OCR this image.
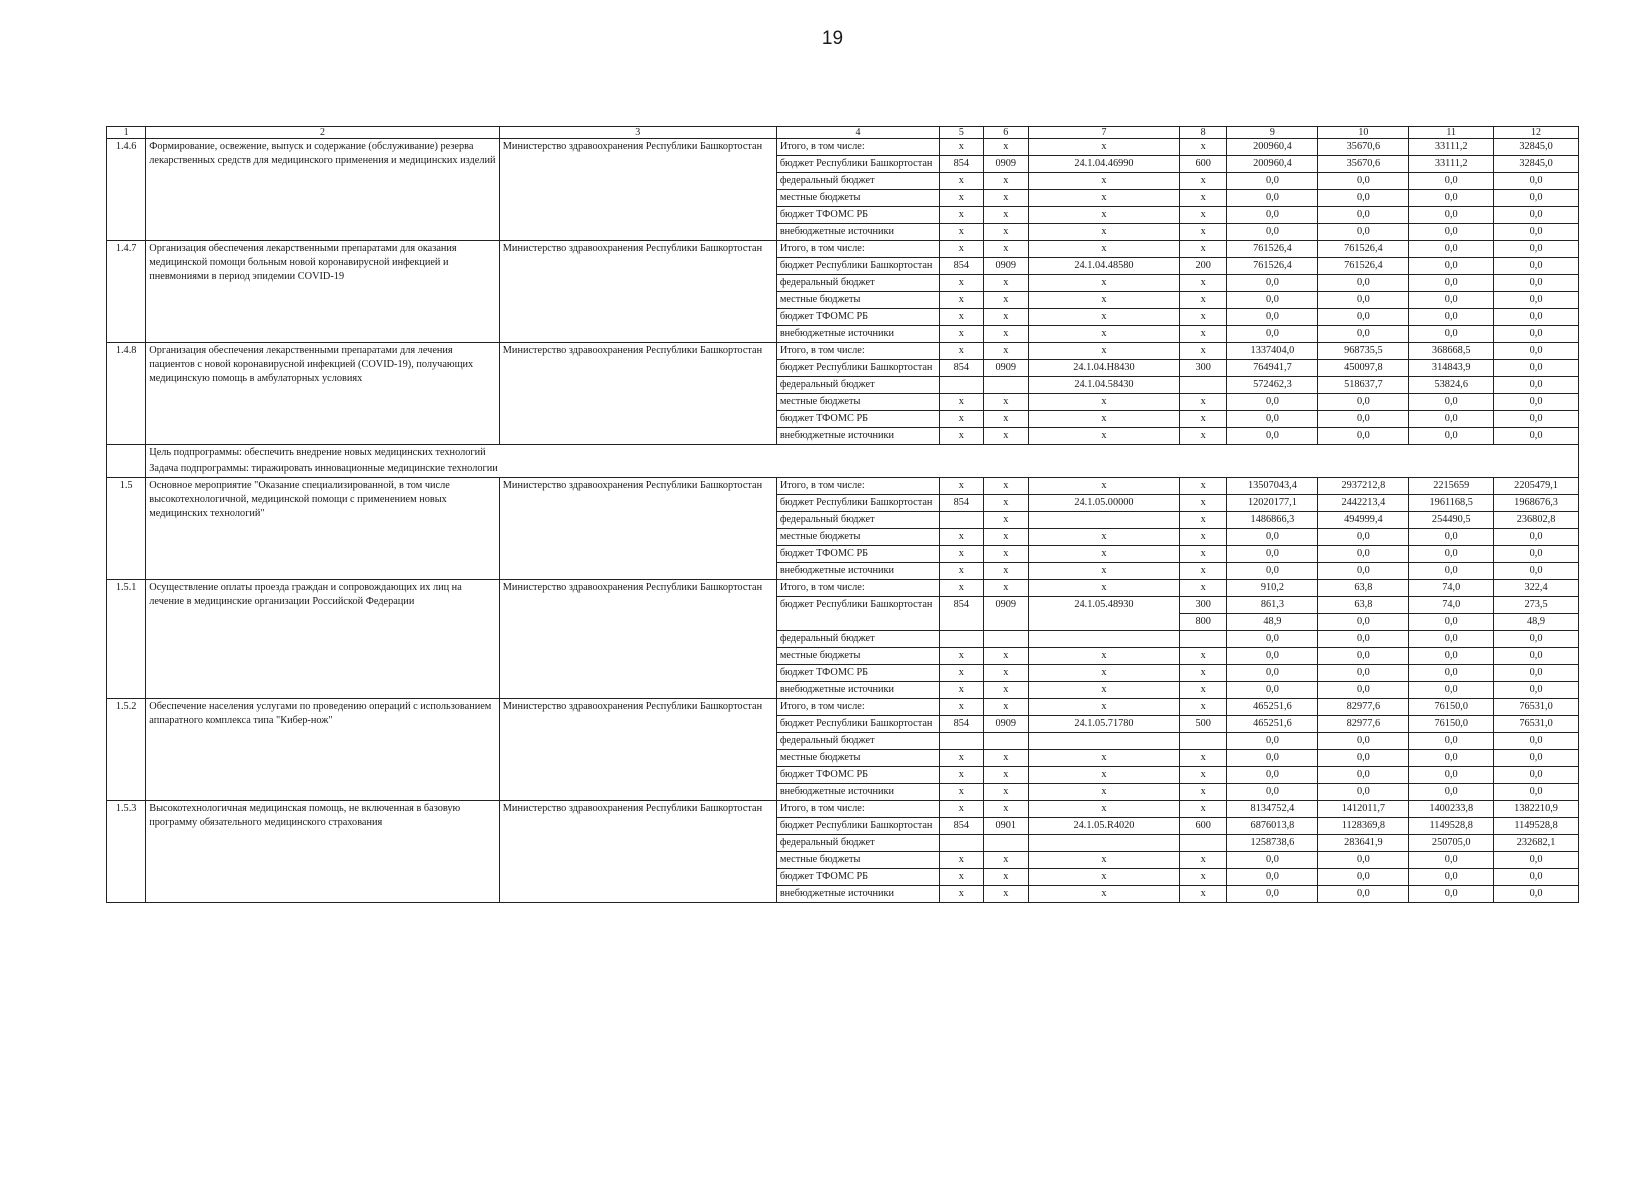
19
1	2	3	4	5	6	7	8	9	10	11	12
1.4.6	Формирование, освежение, выпуск и содержание (обслуживание) резерва лекарственных средств для медицинского применения и медицинских изделий	Министерство здравоохранения Республики Башкортостан	Итого, в том числе:	x	x	x	x	200960,4	35670,6	33111,2	32845,0
			бюджет Республики Башкортостан	854	0909	24.1.04.46990	600	200960,4	35670,6	33111,2	32845,0
			федеральный бюджет	x	x	x	x	0,0	0,0	0,0	0,0
			местные бюджеты	x	x	x	x	0,0	0,0	0,0	0,0
			бюджет ТФОМС РБ	x	x	x	x	0,0	0,0	0,0	0,0
			внебюджетные источники	x	x	x	x	0,0	0,0	0,0	0,0
1.4.7	Организация обеспечения лекарственными препаратами для оказания медицинской помощи больным новой коронавирусной инфекцией и пневмониями в период эпидемии COVID-19	Министерство здравоохранения Республики Башкортостан	Итого, в том числе:	x	x	x	x	761526,4	761526,4	0,0	0,0
			бюджет Республики Башкортостан	854	0909	24.1.04.48580	200	761526,4	761526,4	0,0	0,0
			федеральный бюджет	x	x	x	x	0,0	0,0	0,0	0,0
			местные бюджеты	x	x	x	x	0,0	0,0	0,0	0,0
			бюджет ТФОМС РБ	x	x	x	x	0,0	0,0	0,0	0,0
			внебюджетные источники	x	x	x	x	0,0	0,0	0,0	0,0
1.4.8	Организация обеспечения лекарственными препаратами для лечения пациентов с новой коронавирусной инфекцией (COVID-19), получающих медицинскую помощь в амбулаторных условиях	Министерство здравоохранения Республики Башкортостан	Итого, в том числе:	x	x	x	x	1337404,0	968735,5	368668,5	0,0
			бюджет Республики Башкортостан	854	0909	24.1.04.Н8430	300	764941,7	450097,8	314843,9	0,0
			федеральный бюджет			24.1.04.58430		572462,3	518637,7	53824,6	0,0
			местные бюджеты	x	x	x	x	0,0	0,0	0,0	0,0
			бюджет ТФОМС РБ	x	x	x	x	0,0	0,0	0,0	0,0
			внебюджетные источники	x	x	x	x	0,0	0,0	0,0	0,0
	Цель подпрограммы: обеспечить внедрение новых медицинских технологий										
	Задача подпрограммы: тиражировать инновационные медицинские технологии										
1.5	Основное мероприятие "Оказание специализированной, в том числе высокотехнологичной, медицинской помощи с применением новых медицинских технологий"	Министерство здравоохранения Республики Башкортостан	Итого, в том числе:	x	x	x	x	13507043,4	2937212,8	2215659	2205479,1
			бюджет Республики Башкортостан	854	x	24.1.05.00000	x	12020177,1	2442213,4	1961168,5	1968676,3
			федеральный бюджет		x		x	1486866,3	494999,4	254490,5	236802,8
			местные бюджеты	x	x	x	x	0,0	0,0	0,0	0,0
			бюджет ТФОМС РБ	x	x	x	x	0,0	0,0	0,0	0,0
			внебюджетные источники	x	x	x	x	0,0	0,0	0,0	0,0
1.5.1	Осуществление оплаты проезда граждан и сопровождающих их лиц на лечение в медицинские организации Российской Федерации	Министерство здравоохранения Республики Башкортостан	Итого, в том числе:	x	x	x	x	910,2	63,8	74,0	322,4
			бюджет Республики Башкортостан	854	0909	24.1.05.48930	300	861,3	63,8	74,0	273,5
							800	48,9	0,0	0,0	48,9
			федеральный бюджет					0,0	0,0	0,0	0,0
			местные бюджеты	x	x	x	x	0,0	0,0	0,0	0,0
			бюджет ТФОМС РБ	x	x	x	x	0,0	0,0	0,0	0,0
			внебюджетные источники	x	x	x	x	0,0	0,0	0,0	0,0
1.5.2	Обеспечение населения услугами по проведению операций с использованием аппаратного комплекса типа "Кибер-нож"	Министерство здравоохранения Республики Башкортостан	Итого, в том числе:	x	x	x	x	465251,6	82977,6	76150,0	76531,0
			бюджет Республики Башкортостан	854	0909	24.1.05.71780	500	465251,6	82977,6	76150,0	76531,0
			федеральный бюджет					0,0	0,0	0,0	0,0
			местные бюджеты	x	x	x	x	0,0	0,0	0,0	0,0
			бюджет ТФОМС РБ	x	x	x	x	0,0	0,0	0,0	0,0
			внебюджетные источники	x	x	x	x	0,0	0,0	0,0	0,0
1.5.3	Высокотехнологичная медицинская помощь, не включенная в базовую программу обязательного медицинского страхования	Министерство здравоохранения Республики Башкортостан	Итого, в том числе:	x	x	x	x	8134752,4	1412011,7	1400233,8	1382210,9
			бюджет Республики Башкортостан	854	0901	24.1.05.R4020	600	6876013,8	1128369,8	1149528,8	1149528,8
			федеральный бюджет					1258738,6	283641,9	250705,0	232682,1
			местные бюджеты	x	x	x	x	0,0	0,0	0,0	0,0
			бюджет ТФОМС РБ	x	x	x	x	0,0	0,0	0,0	0,0
			внебюджетные источники	x	x	x	x	0,0	0,0	0,0	0,0
